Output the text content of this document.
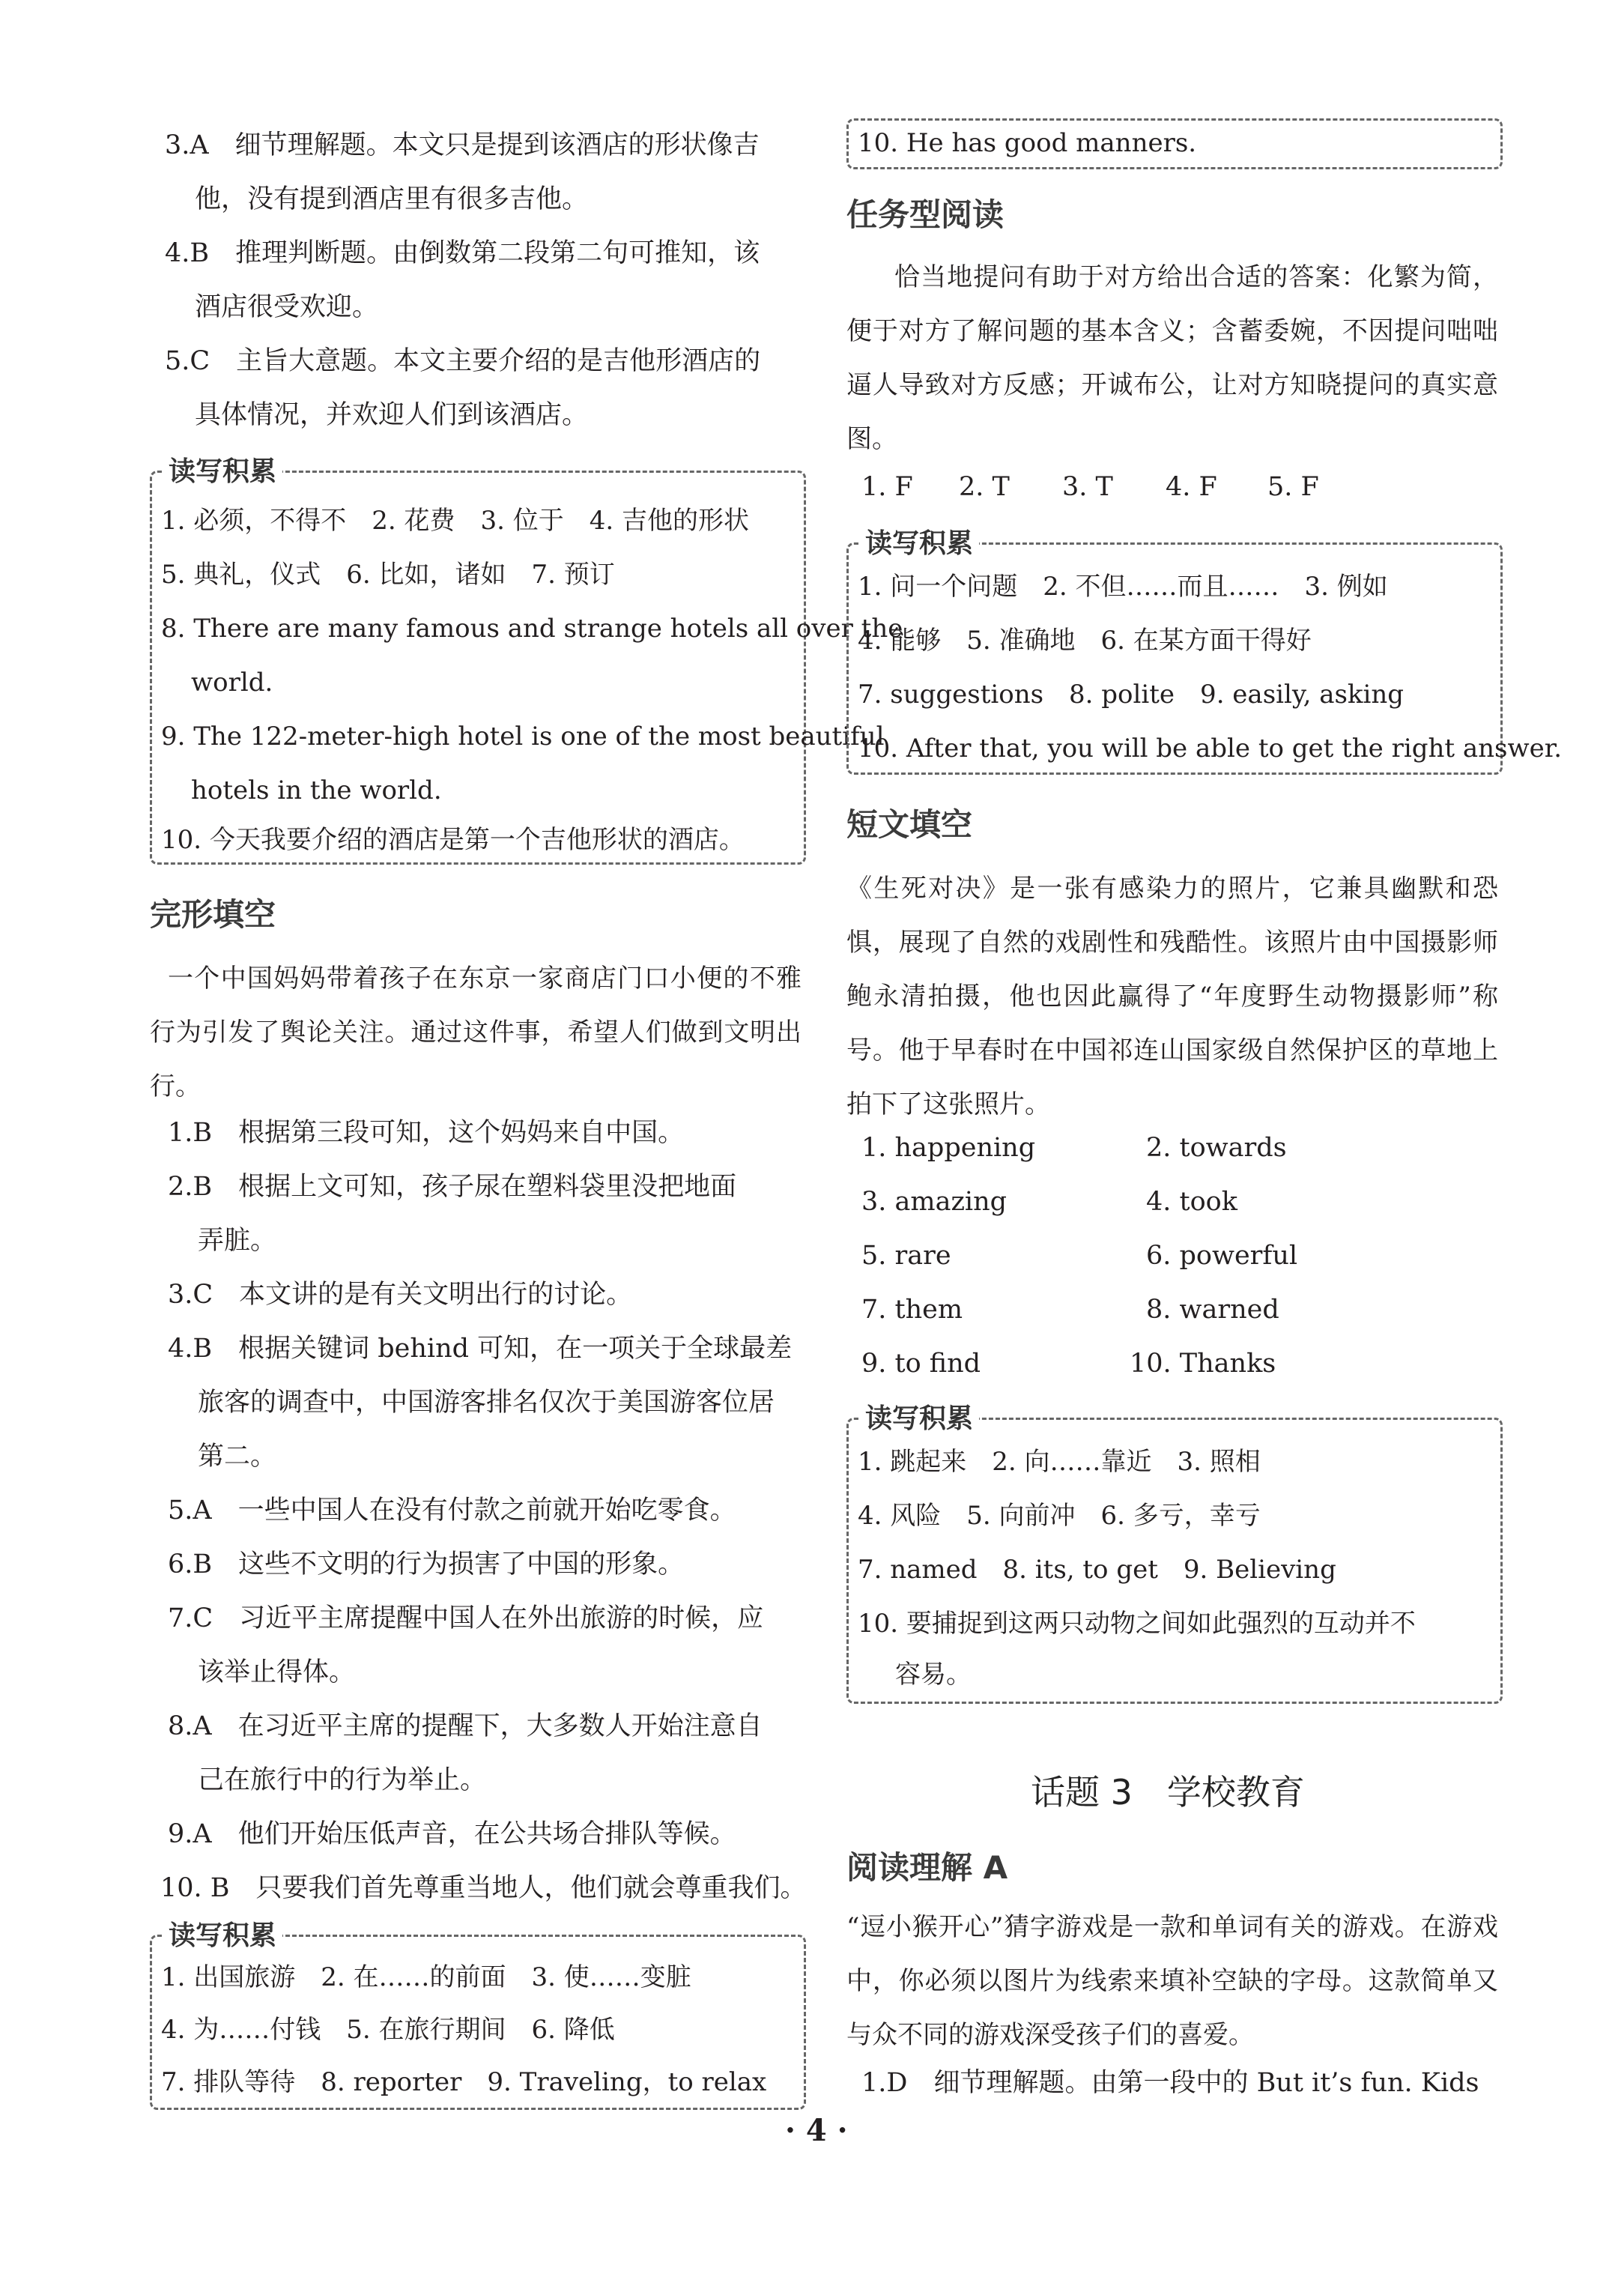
3.A　细节理解题。本文只是提到该酒店的形状像吉
他，没有提到酒店里有很多吉他。
4.B　推理判断题。由倒数第二段第二句可推知，该
酒店很受欢迎。
5.C　主旨大意题。本文主要介绍的是吉他形酒店的
具体情况，并欢迎人们到该酒店。
读写积累
1. 必须，不得不　2. 花费　3. 位于　4. 吉他的形状
5. 典礼，仪式　6. 比如，诸如　7. 预订
8. There are many famous and strange hotels all over the
world.
9. The 122-meter-high hotel is one of the most beautiful
hotels in the world.
10. 今天我要介绍的酒店是第一个吉他形状的酒店。
完形填空
一个中国妈妈带着孩子在东京一家商店门口小便的不雅行为引发了舆论关注。通过这件事，希望人们做到文明出行。
1.B　根据第三段可知，这个妈妈来自中国。
2.B　根据上文可知，孩子尿在塑料袋里没把地面
弄脏。
3.C　本文讲的是有关文明出行的讨论。
4.B　根据关键词 behind 可知，在一项关于全球最差
旅客的调查中，中国游客排名仅次于美国游客位居
第二。
5.A　一些中国人在没有付款之前就开始吃零食。
6.B　这些不文明的行为损害了中国的形象。
7.C　习近平主席提醒中国人在外出旅游的时候，应
该举止得体。
8.A　在习近平主席的提醒下，大多数人开始注意自
己在旅行中的行为举止。
9.A　他们开始压低声音，在公共场合排队等候。
10. B　只要我们首先尊重当地人，他们就会尊重我们。
读写积累
1. 出国旅游　2. 在……的前面　3. 使……变脏
4. 为……付钱　5. 在旅行期间　6. 降低
7. 排队等待　8. reporter　9. Traveling，to relax
10. He has good manners.
任务型阅读
恰当地提问有助于对方给出合适的答案：化繁为简，便于对方了解问题的基本含义；含蓄委婉，不因提问咄咄逼人导致对方反感；开诚布公，让对方知晓提问的真实意图。
1. F 2. T 3. T 4. F 5. F
读写积累
1. 问一个问题　2. 不但……而且……　3. 例如
4. 能够　5. 准确地　6. 在某方面干得好
7. suggestions　8. polite　9. easily, asking
10. After that, you will be able to get the right answer.
短文填空
《生死对决》是一张有感染力的照片，它兼具幽默和恐惧，展现了自然的戏剧性和残酷性。该照片由中国摄影师鲍永清拍摄，他也因此赢得了“年度野生动物摄影师”称号。他于早春时在中国祁连山国家级自然保护区的草地上拍下了这张照片。
1. happening	2. towards
3. amazing	4. took
5. rare	6. powerful
7. them	8. warned
9. to find	10. Thanks
读写积累
1. 跳起来　2. 向……靠近　3. 照相
4. 风险　5. 向前冲　6. 多亏，幸亏
7. named　8. its, to get　9. Believing
10. 要捕捉到这两只动物之间如此强烈的互动并不
容易。
话题 3　学校教育
阅读理解 A
“逗小猴开心”猜字游戏是一款和单词有关的游戏。在游戏中，你必须以图片为线索来填补空缺的字母。这款简单又与众不同的游戏深受孩子们的喜爱。
1.D　细节理解题。由第一段中的 But it’s fun. Kids
· 4 ·
